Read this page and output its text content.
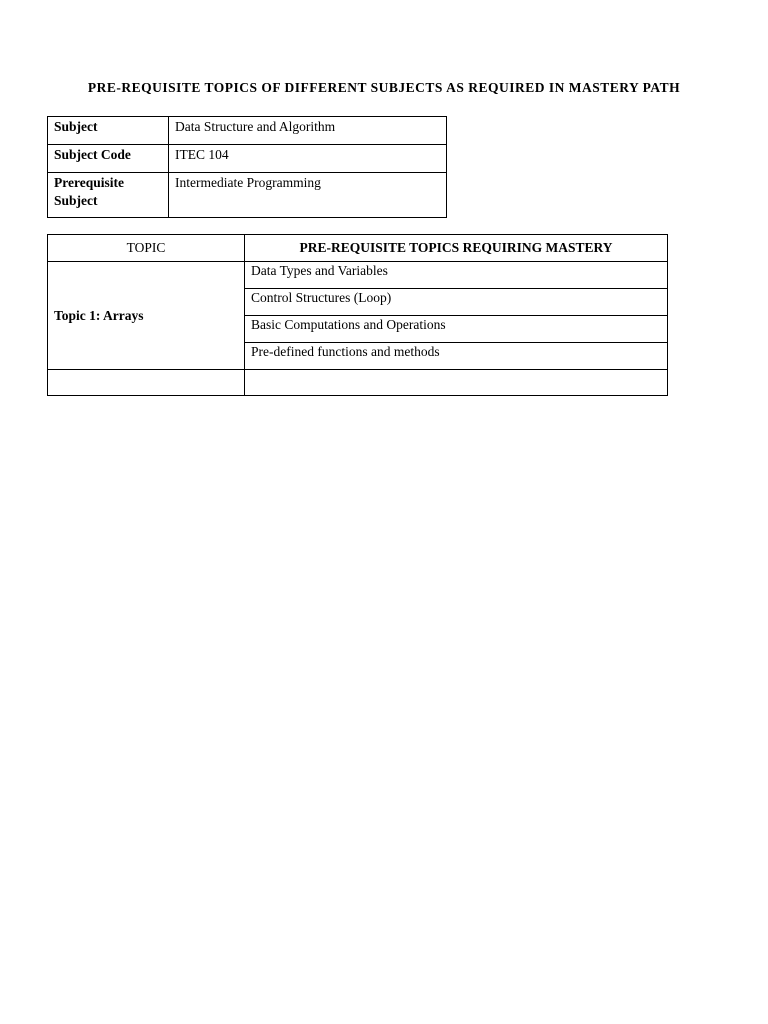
PRE-REQUISITE TOPICS OF DIFFERENT SUBJECTS AS REQUIRED IN MASTERY PATH
Subject	Data Structure and Algorithm
Subject Code	ITEC 104
Prerequisite Subject	Intermediate Programming
TOPIC	PRE-REQUISITE TOPICS REQUIRING MASTERY
Topic 1: Arrays	Data Types and Variables
	Control Structures (Loop)
	Basic Computations and Operations
	Pre-defined functions and methods
